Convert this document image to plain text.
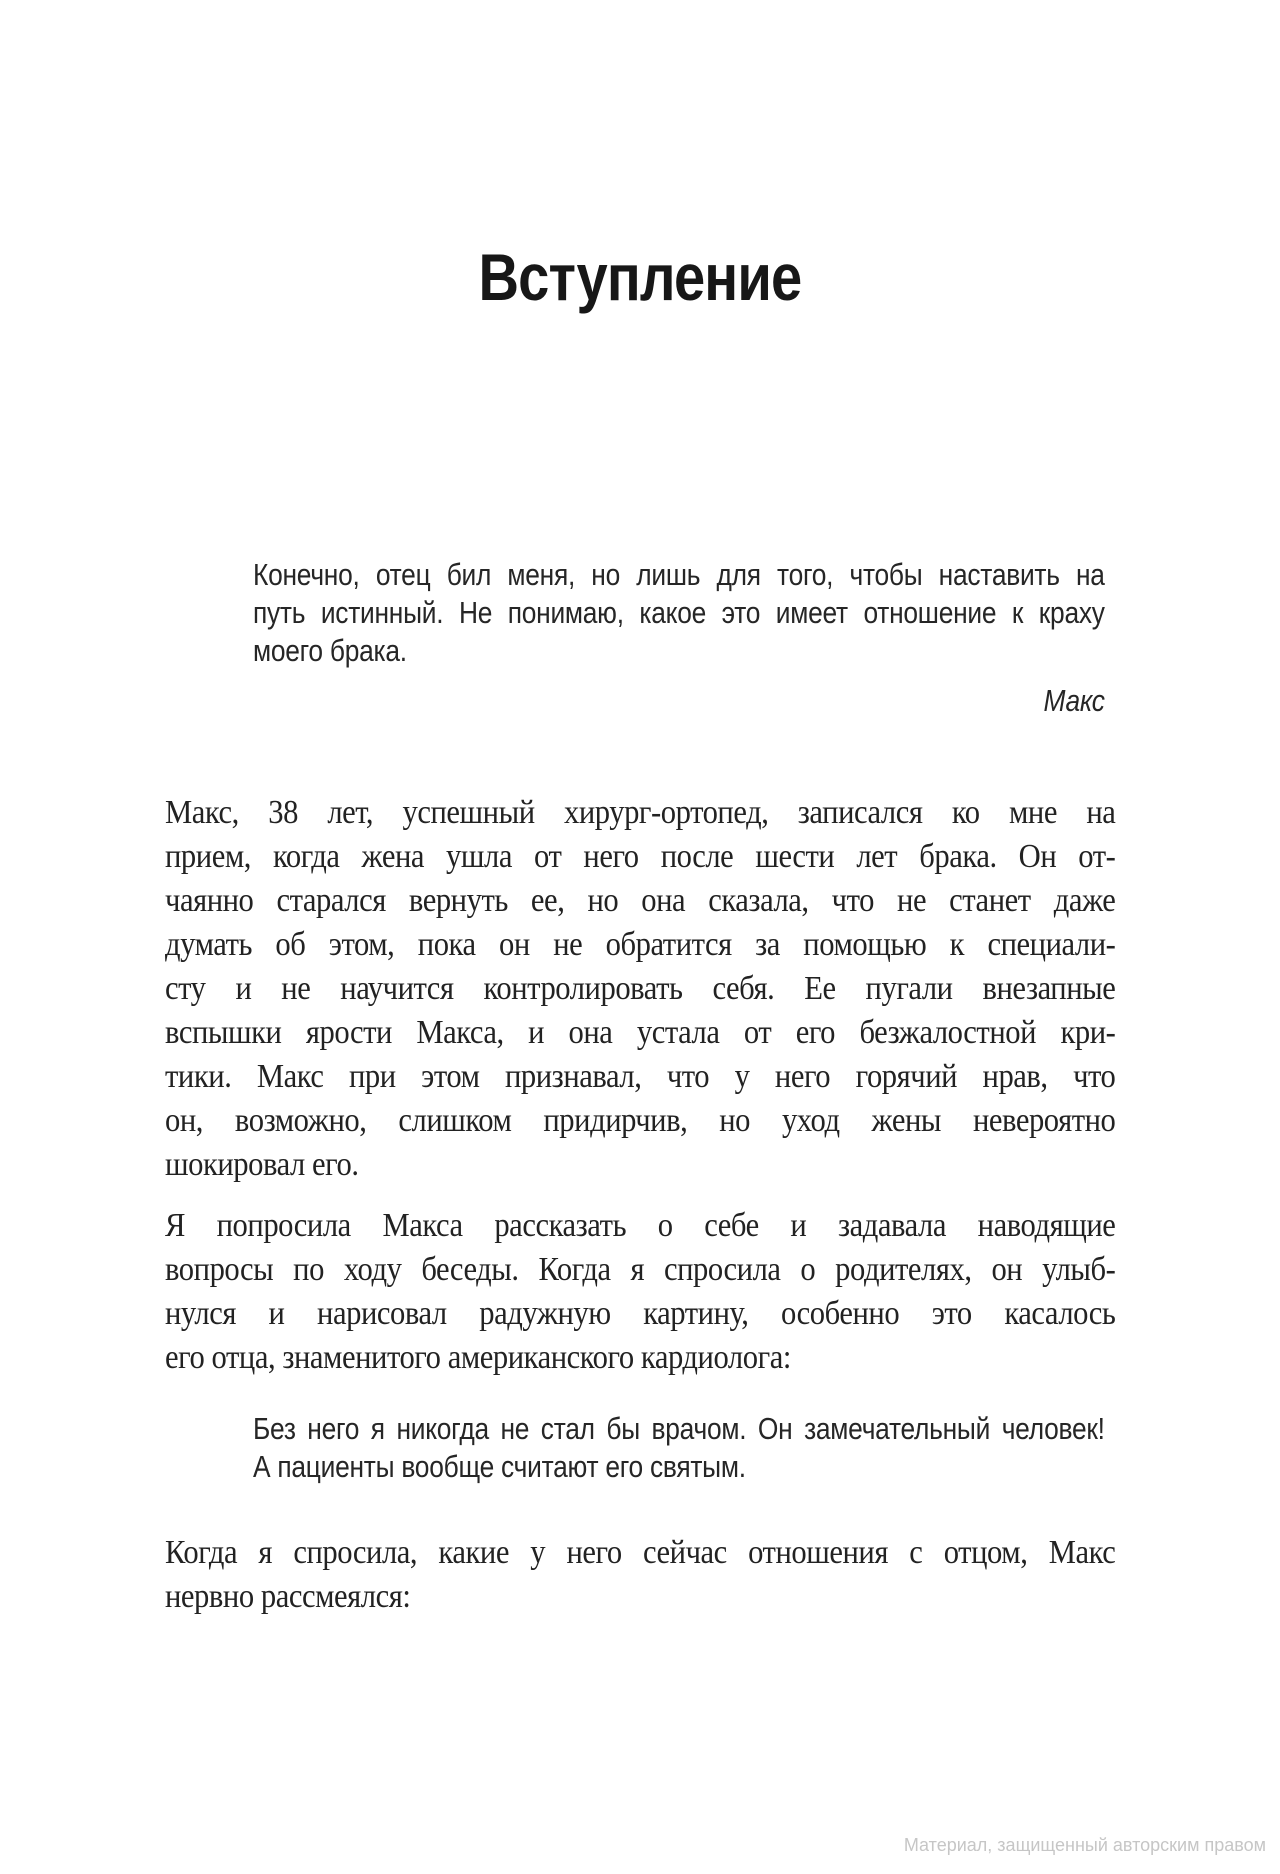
Вступление
Конечно, отец бил меня, но лишь для того, чтобы наставить на
путь истинный. Не понимаю, какое это имеет отношение к краху
моего брака.
Макс
Макс, 38 лет, успешный хирург-ортопед, записался ко мне на
прием, когда жена ушла от него после шести лет брака. Он от-
чаянно старался вернуть ее, но она сказала, что не станет даже
думать об этом, пока он не обратится за помощью к специали-
сту и не научится контролировать себя. Ее пугали внезапные
вспышки ярости Макса, и она устала от его безжалостной кри-
тики. Макс при этом признавал, что у него горячий нрав, что
он, возможно, слишком придирчив, но уход жены невероятно
шокировал его.
Я попросила Макса рассказать о себе и задавала наводящие
вопросы по ходу беседы. Когда я спросила о родителях, он улыб-
нулся и нарисовал радужную картину, особенно это касалось
его отца, знаменитого американского кардиолога:
Без него я никогда не стал бы врачом. Он замечательный человек!
А пациенты вообще считают его святым.
Когда я спросила, какие у него сейчас отношения с отцом, Макс
нервно рассмеялся:
Материал, защищенный авторским правом
